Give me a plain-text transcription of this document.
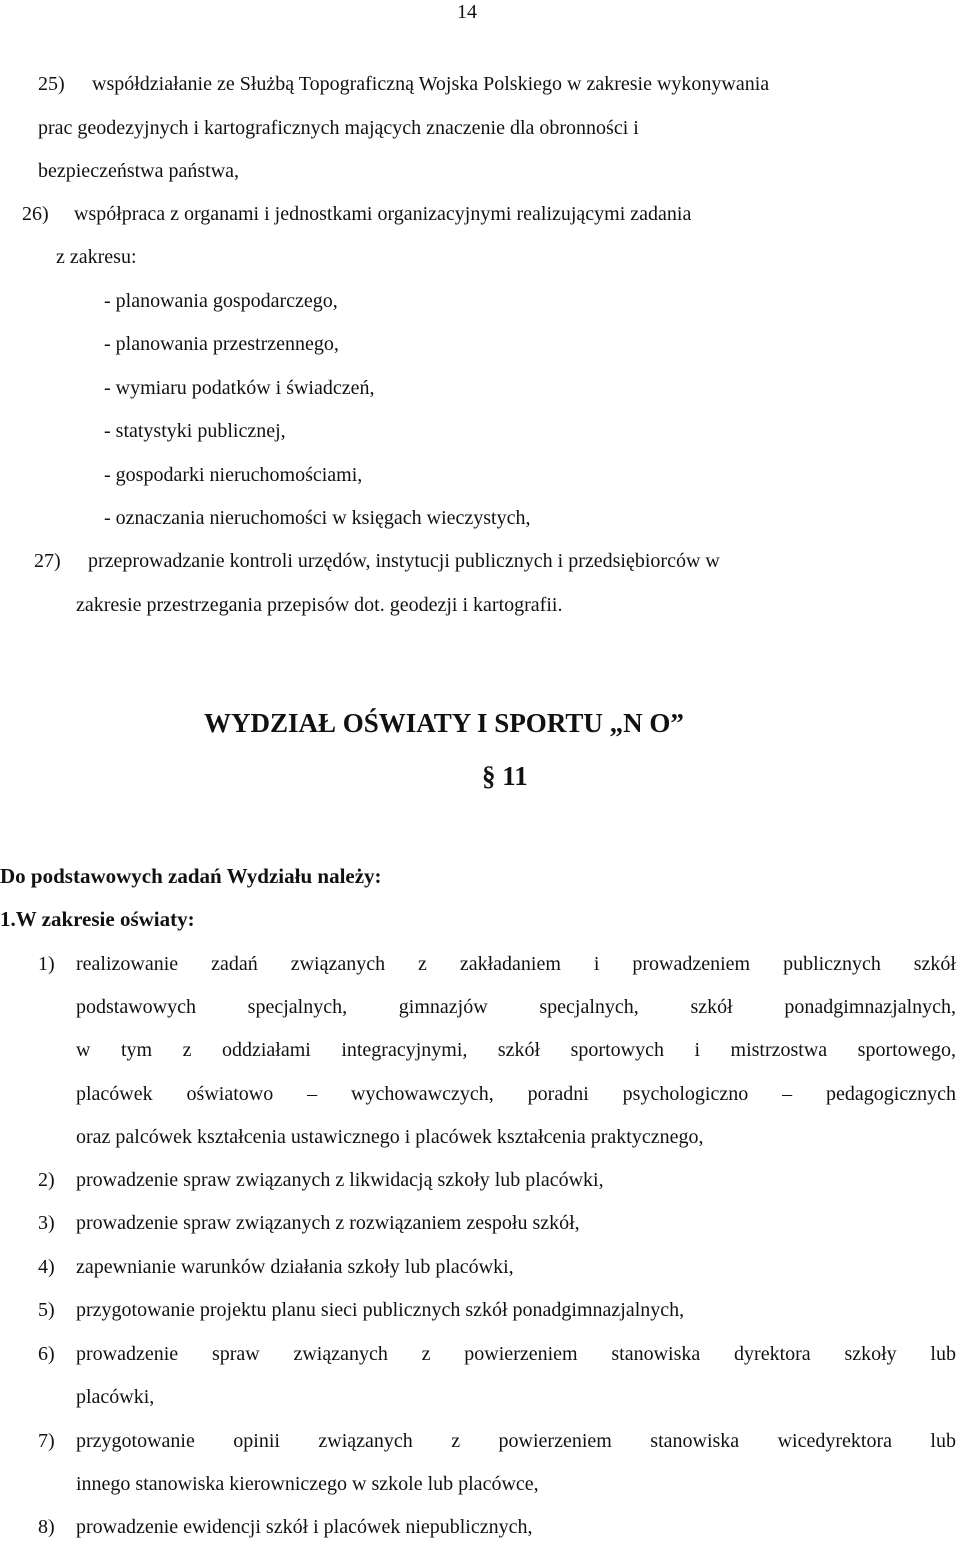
14
25) współdziałanie ze Służbą Topograficzną Wojska Polskiego w zakresie wykonywania
prac geodezyjnych i kartograficznych mających znaczenie dla obronności i
bezpieczeństwa państwa,
26) współpraca z organami i jednostkami organizacyjnymi realizującymi zadania
z zakresu:
- planowania gospodarczego,
- planowania przestrzennego,
- wymiaru podatków i świadczeń,
- statystyki publicznej,
- gospodarki nieruchomościami,
- oznaczania nieruchomości w księgach wieczystych,
27) przeprowadzanie kontroli urzędów, instytucji publicznych i przedsiębiorców w
zakresie przestrzegania przepisów dot. geodezji i kartografii.
WYDZIAŁ OŚWIATY I SPORTU „N O”
§ 11
Do podstawowych zadań Wydziału należy:
1.W zakresie oświaty:
1) realizowanie zadań związanych z zakładaniem i prowadzeniem publicznych szkół
podstawowych specjalnych, gimnazjów specjalnych, szkół ponadgimnazjalnych,
w tym z oddziałami integracyjnymi, szkół sportowych i mistrzostwa sportowego,
placówek oświatowo – wychowawczych, poradni psychologiczno – pedagogicznych
oraz palcówek kształcenia ustawicznego i placówek kształcenia praktycznego,
2) prowadzenie spraw związanych z likwidacją szkoły lub placówki,
3) prowadzenie spraw związanych z rozwiązaniem zespołu szkół,
4) zapewnianie warunków działania szkoły lub placówki,
5) przygotowanie projektu planu sieci publicznych szkół ponadgimnazjalnych,
6) prowadzenie spraw związanych z powierzeniem stanowiska dyrektora szkoły lub
placówki,
7) przygotowanie opinii związanych z powierzeniem stanowiska wicedyrektora lub
innego stanowiska kierowniczego w szkole lub placówce,
8) prowadzenie ewidencji szkół i placówek niepublicznych,
